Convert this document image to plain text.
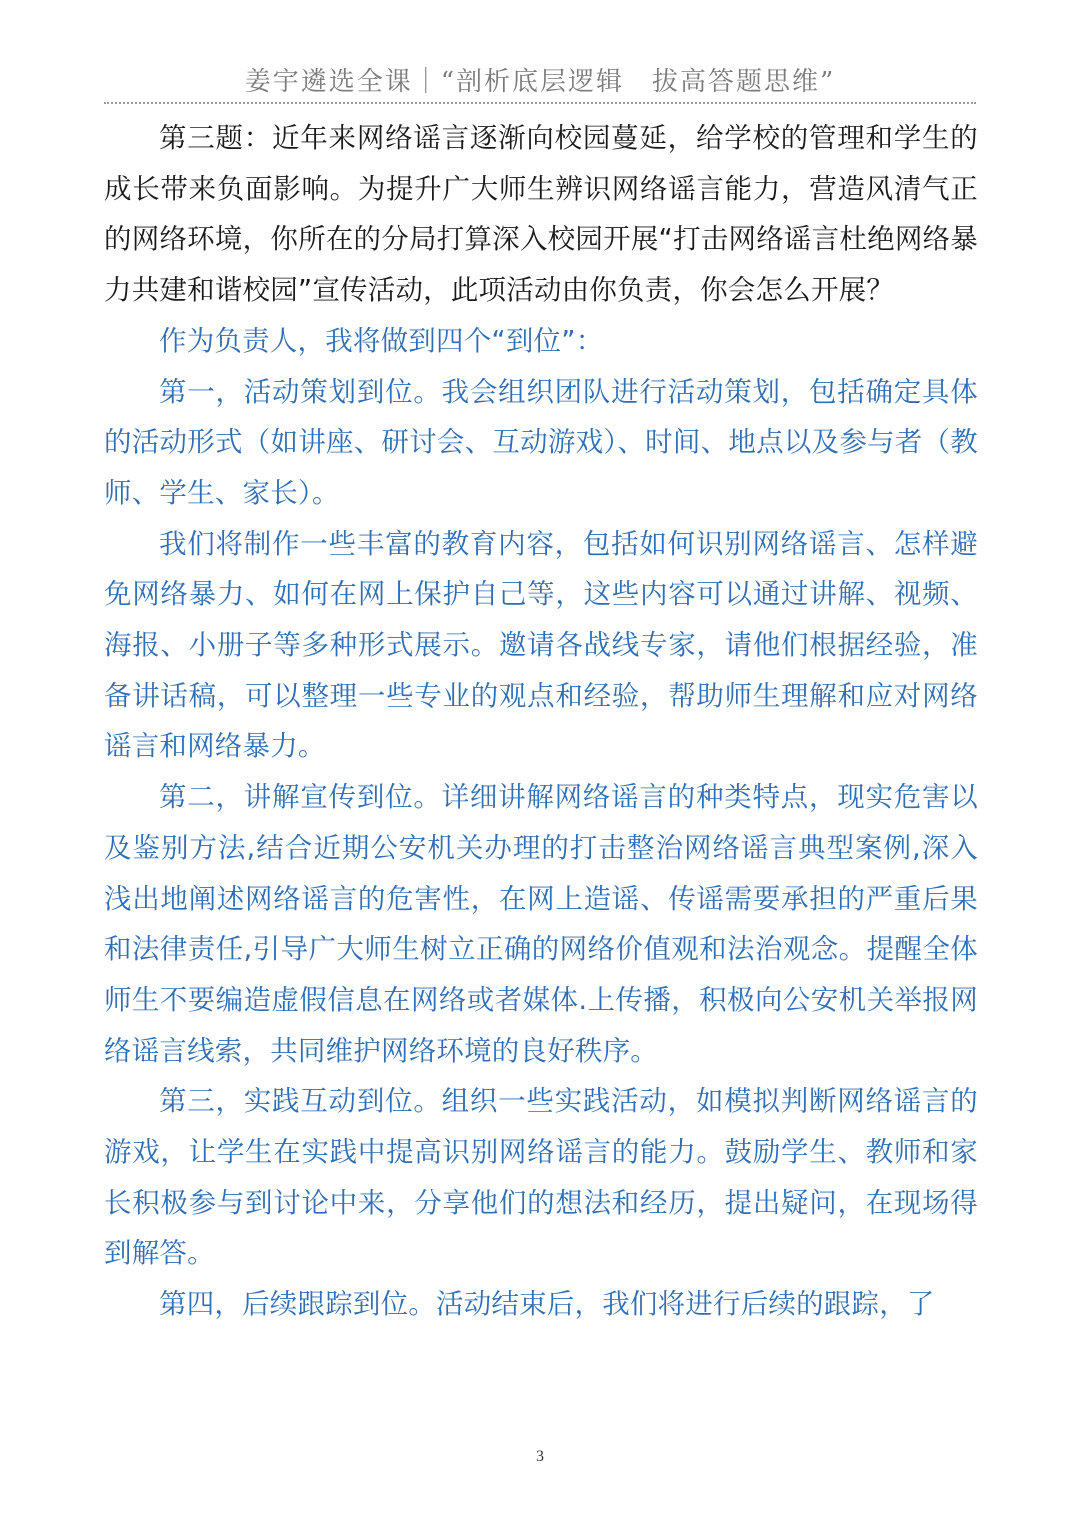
姜宇遴选全课｜“剖析底层逻辑　拔高答题思维”

第三题：近年来网络谣言逐渐向校园蔓延，给学校的管理和学生的成长带来负面影响。为提升广大师生辨识网络谣言能力，营造风清气正的网络环境，你所在的分局打算深入校园开展“打击网络谣言杜绝网络暴力共建和谐校园”宣传活动，此项活动由你负责，你会怎么开展？

作为负责人，我将做到四个“到位”：

第一，活动策划到位。我会组织团队进行活动策划，包括确定具体的活动形式（如讲座、研讨会、互动游戏）、时间、地点以及参与者（教师、学生、家长）。

我们将制作一些丰富的教育内容，包括如何识别网络谣言、怎样避免网络暴力、如何在网上保护自己等，这些内容可以通过讲解、视频、海报、小册子等多种形式展示。邀请各战线专家，请他们根据经验，准备讲话稿，可以整理一些专业的观点和经验，帮助师生理解和应对网络谣言和网络暴力。

第二，讲解宣传到位。详细讲解网络谣言的种类特点，现实危害以及鉴别方法,结合近期公安机关办理的打击整治网络谣言典型案例,深入浅出地阐述网络谣言的危害性，在网上造谣、传谣需要承担的严重后果和法律责任,引导广大师生树立正确的网络价值观和法治观念。提醒全体师生不要编造虚假信息在网络或者媒体.上传播，积极向公安机关举报网络谣言线索，共同维护网络环境的良好秩序。

第三，实践互动到位。组织一些实践活动，如模拟判断网络谣言的游戏，让学生在实践中提高识别网络谣言的能力。鼓励学生、教师和家长积极参与到讨论中来，分享他们的想法和经历，提出疑问，在现场得到解答。

第四，后续跟踪到位。活动结束后，我们将进行后续的跟踪，了

3
